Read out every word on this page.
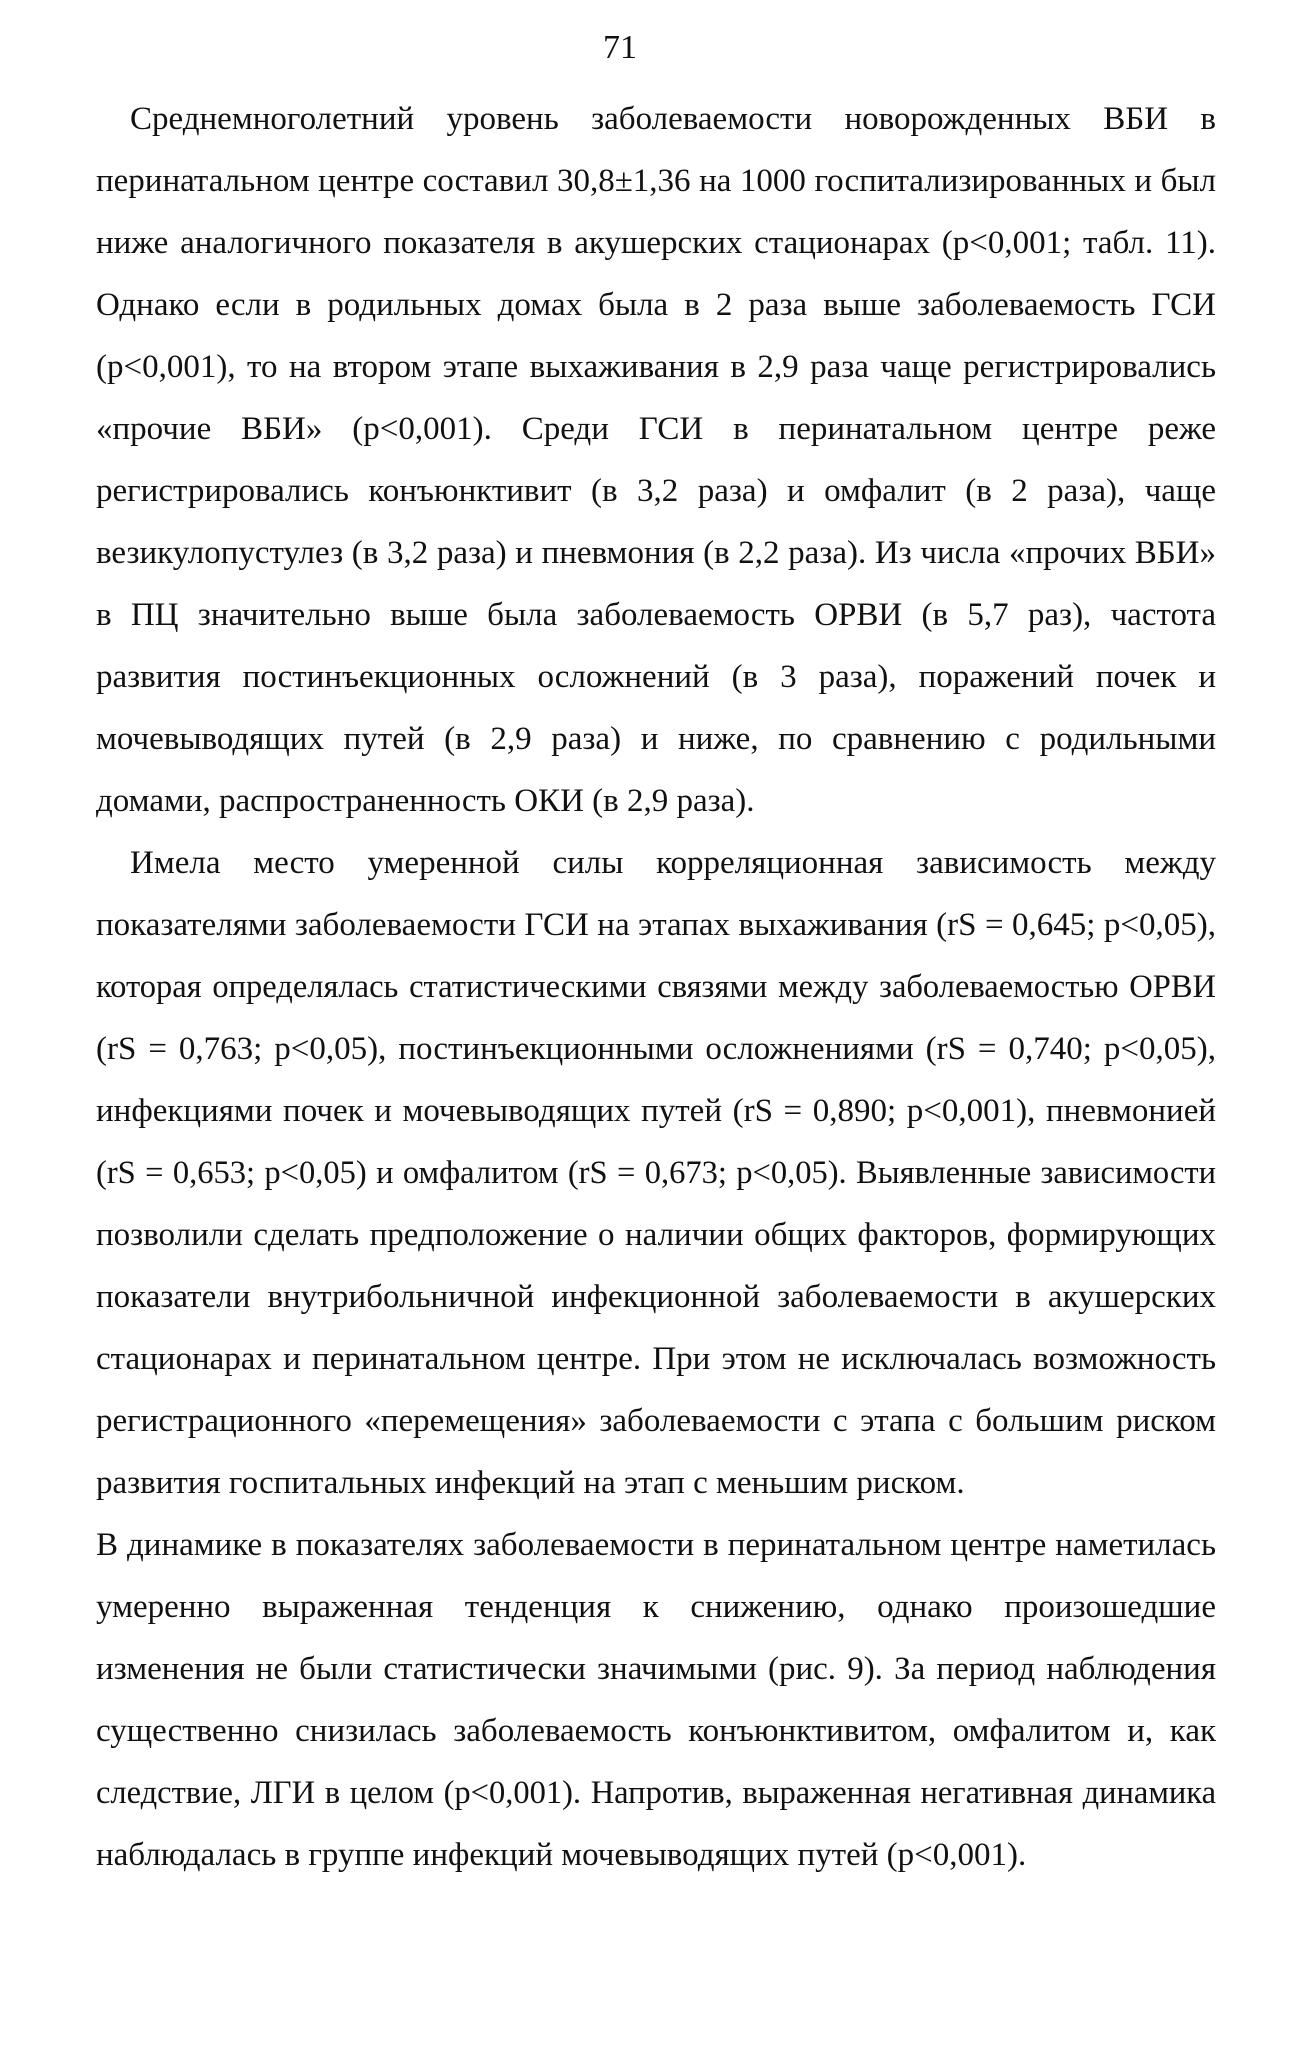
71
Среднемноголетний уровень заболеваемости новорожденных ВБИ в
перинатальном центре составил 30,8±1,36 на 1000 госпитализированных и был
ниже аналогичного показателя в акушерских стационарах (р<0,001; табл. 11).
Однако если в родильных домах была в 2 раза выше заболеваемость ГСИ
(р<0,001), то на втором этапе выхаживания в 2,9 раза чаще регистрировались
«прочие ВБИ» (р<0,001). Среди ГСИ в перинатальном центре реже
регистрировались конъюнктивит (в 3,2 раза) и омфалит (в 2 раза), чаще
везикулопустулез (в 3,2 раза) и пневмония (в 2,2 раза). Из числа «прочих ВБИ»
в ПЦ значительно выше была заболеваемость ОРВИ (в 5,7 раз), частота
развития постинъекционных осложнений (в 3 раза), поражений почек и
мочевыводящих путей (в 2,9 раза) и ниже, по сравнению с родильными
домами, распространенность ОКИ (в 2,9 раза).
Имела место умеренной силы корреляционная зависимость между
показателями заболеваемости ГСИ на этапах выхаживания (rS = 0,645; р<0,05),
которая определялась статистическими связями между заболеваемостью ОРВИ
(rS = 0,763; р<0,05), постинъекционными осложнениями (rS = 0,740; р<0,05),
инфекциями почек и мочевыводящих путей (rS = 0,890; р<0,001), пневмонией
(rS = 0,653; р<0,05) и омфалитом (rS = 0,673; р<0,05). Выявленные зависимости
позволили сделать предположение о наличии общих факторов, формирующих
показатели внутрибольничной инфекционной заболеваемости в акушерских
стационарах и перинатальном центре. При этом не исключалась возможность
регистрационного «перемещения» заболеваемости с этапа с большим риском
развития госпитальных инфекций на этап с меньшим риском.
В динамике в показателях заболеваемости в перинатальном центре наметилась
умеренно выраженная тенденция к снижению, однако произошедшие
изменения не были статистически значимыми (рис. 9). За период наблюдения
существенно снизилась заболеваемость конъюнктивитом, омфалитом и, как
следствие, ЛГИ в целом (р<0,001). Напротив, выраженная негативная динамика
наблюдалась в группе инфекций мочевыводящих путей (р<0,001).
